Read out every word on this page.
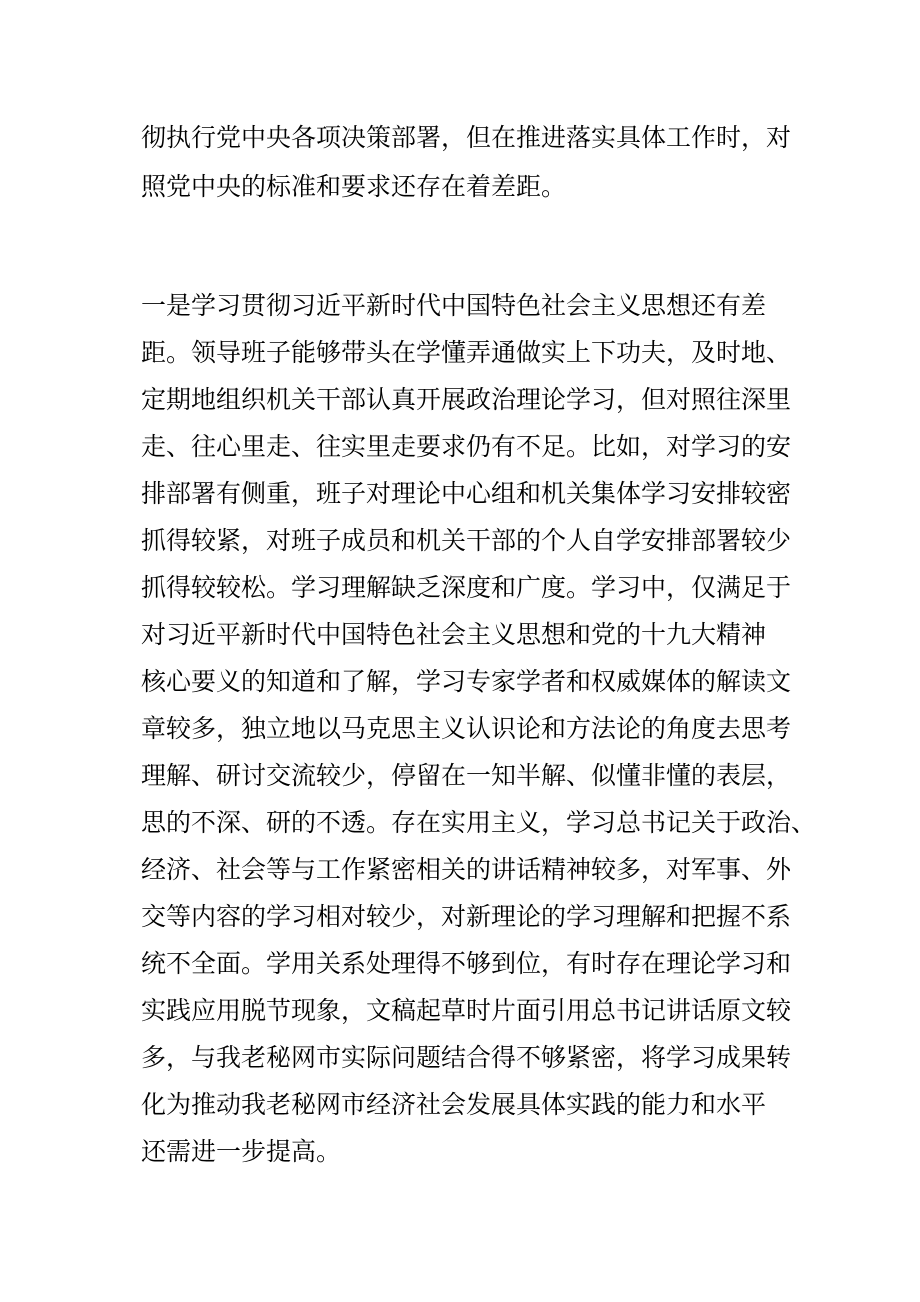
彻执行党中央各项决策部署，但在推进落实具体工作时，对
照党中央的标准和要求还存在着差距。
一是学习贯彻习近平新时代中国特色社会主义思想还有差
距。领导班子能够带头在学懂弄通做实上下功夫，及时地、
定期地组织机关干部认真开展政治理论学习，但对照往深里
走、往心里走、往实里走要求仍有不足。比如，对学习的安
排部署有侧重，班子对理论中心组和机关集体学习安排较密
抓得较紧，对班子成员和机关干部的个人自学安排部署较少
抓得较较松。学习理解缺乏深度和广度。学习中，仅满足于
对习近平新时代中国特色社会主义思想和党的十九大精神
核心要义的知道和了解，学习专家学者和权威媒体的解读文
章较多，独立地以马克思主义认识论和方法论的角度去思考
理解、研讨交流较少，停留在一知半解、似懂非懂的表层，
思的不深、研的不透。存在实用主义，学习总书记关于政治、
经济、社会等与工作紧密相关的讲话精神较多，对军事、外
交等内容的学习相对较少，对新理论的学习理解和把握不系
统不全面。学用关系处理得不够到位，有时存在理论学习和
实践应用脱节现象，文稿起草时片面引用总书记讲话原文较
多，与我老秘网市实际问题结合得不够紧密，将学习成果转
化为推动我老秘网市经济社会发展具体实践的能力和水平
还需进一步提高。
